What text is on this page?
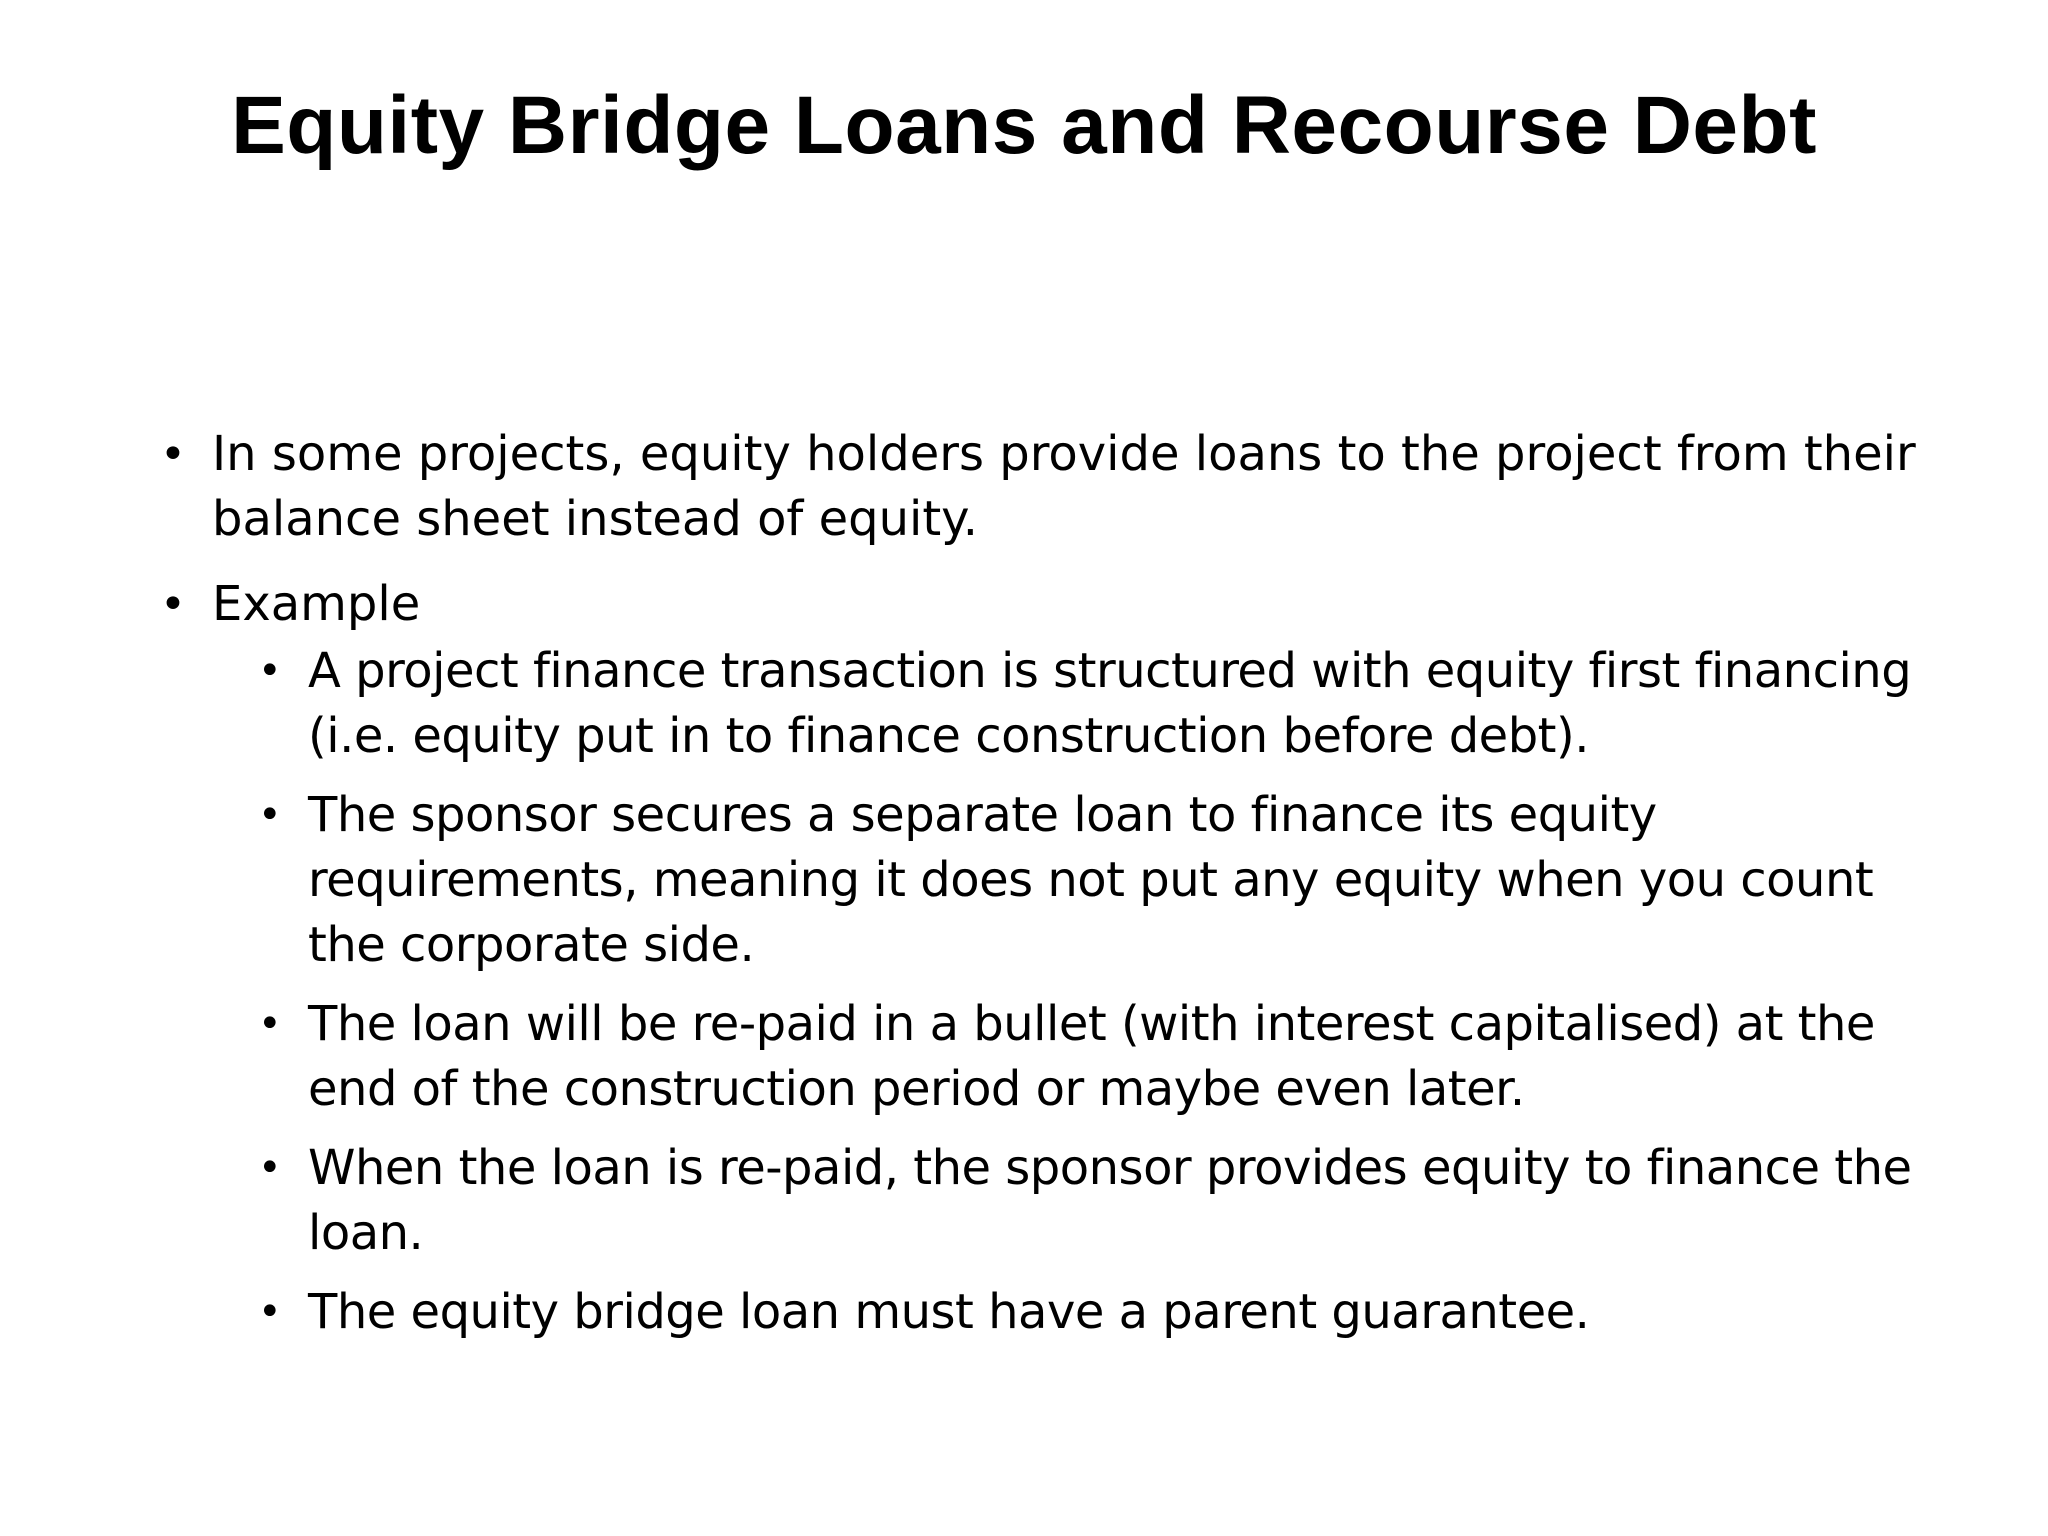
Equity Bridge Loans and Recourse Debt
• In some projects, equity holders provide loans to the project from their balance sheet instead of equity.
• Example
• A project finance transaction is structured with equity first financing (i.e. equity put in to finance construction before debt).
• The sponsor secures a separate loan to finance its equity requirements, meaning it does not put any equity when you count the corporate side.
• The loan will be re-paid in a bullet (with interest capitalised) at the end of the construction period or maybe even later.
• When the loan is re-paid, the sponsor provides equity to finance the loan.
• The equity bridge loan must have a parent guarantee.
